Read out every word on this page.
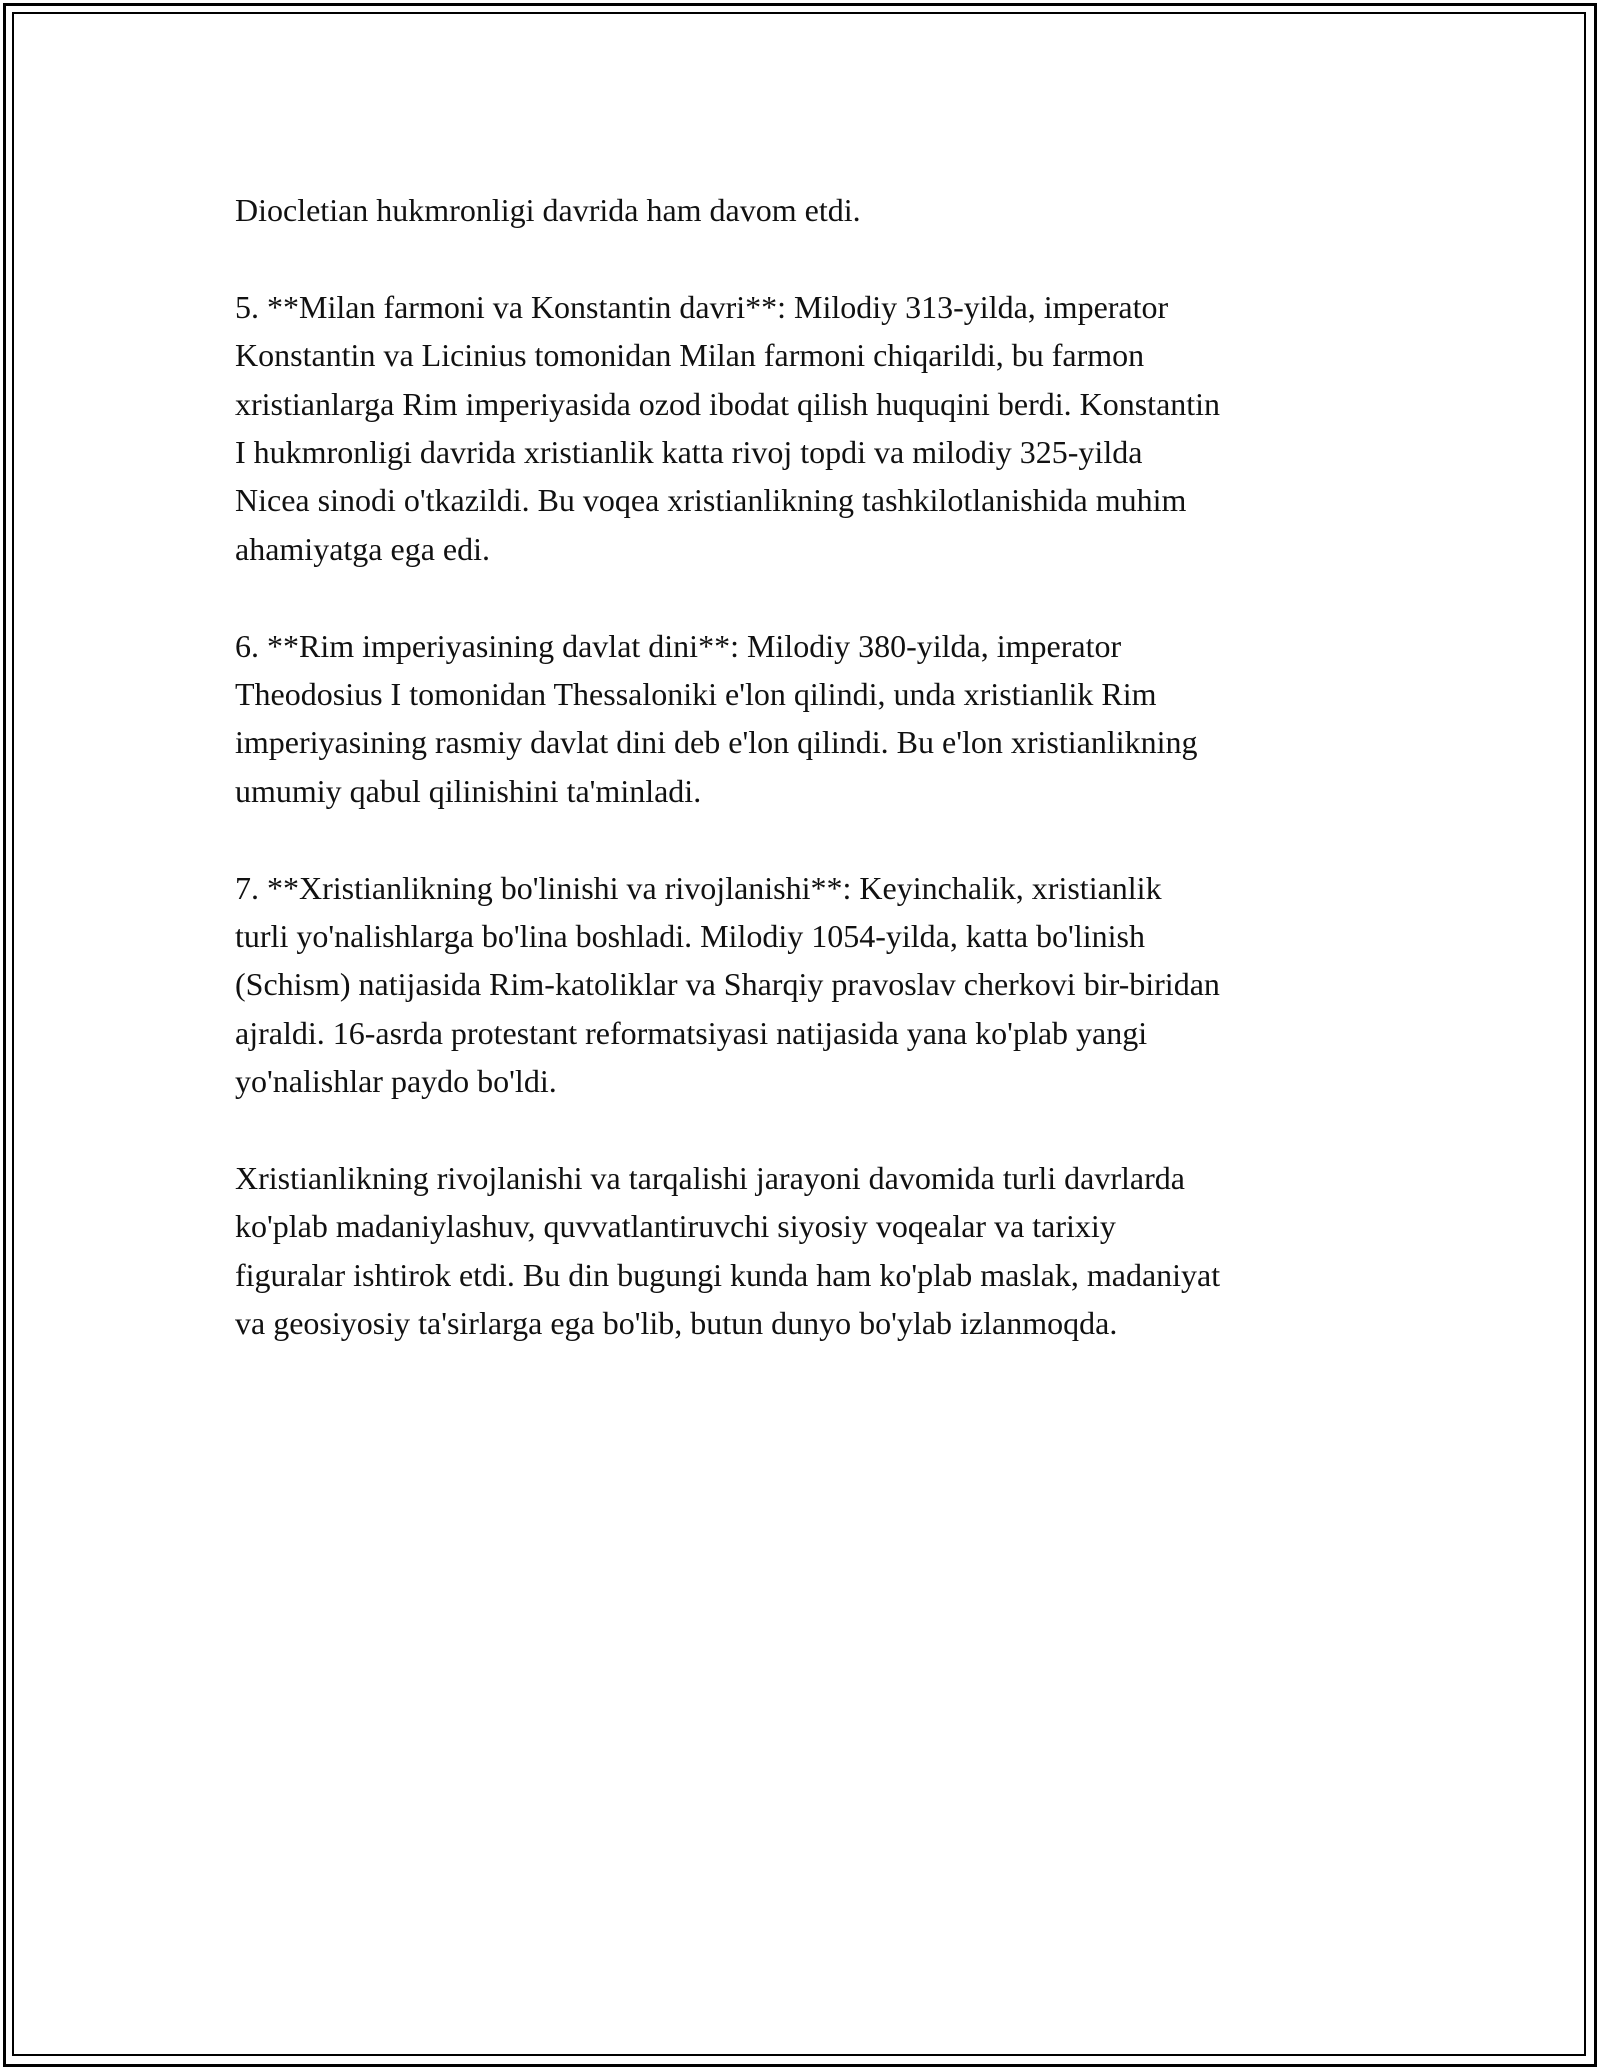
Diocletian hukmronligi davrida ham davom etdi.

5. **Milan farmoni va Konstantin davri**: Milodiy 313-yilda, imperator
Konstantin va Licinius tomonidan Milan farmoni chiqarildi, bu farmon
xristianlarga Rim imperiyasida ozod ibodat qilish huquqini berdi. Konstantin
I hukmronligi davrida xristianlik katta rivoj topdi va milodiy 325-yilda
Nicea sinodi o'tkazildi. Bu voqea xristianlikning tashkilotlanishida muhim
ahamiyatga ega edi.

6. **Rim imperiyasining davlat dini**: Milodiy 380-yilda, imperator
Theodosius I tomonidan Thessaloniki e'lon qilindi, unda xristianlik Rim
imperiyasining rasmiy davlat dini deb e'lon qilindi. Bu e'lon xristianlikning
umumiy qabul qilinishini ta'minladi.

7. **Xristianlikning bo'linishi va rivojlanishi**: Keyinchalik, xristianlik
turli yo'nalishlarga bo'lina boshladi. Milodiy 1054-yilda, katta bo'linish
(Schism) natijasida Rim-katoliklar va Sharqiy pravoslav cherkovi bir-biridan
ajraldi. 16-asrda protestant reformatsiyasi natijasida yana ko'plab yangi
yo'nalishlar paydo bo'ldi.

Xristianlikning rivojlanishi va tarqalishi jarayoni davomida turli davrlarda
ko'plab madaniylashuv, quvvatlantiruvchi siyosiy voqealar va tarixiy
figuralar ishtirok etdi. Bu din bugungi kunda ham ko'plab maslak, madaniyat
va geosiyosiy ta'sirlarga ega bo'lib, butun dunyo bo'ylab izlanmoqda.
